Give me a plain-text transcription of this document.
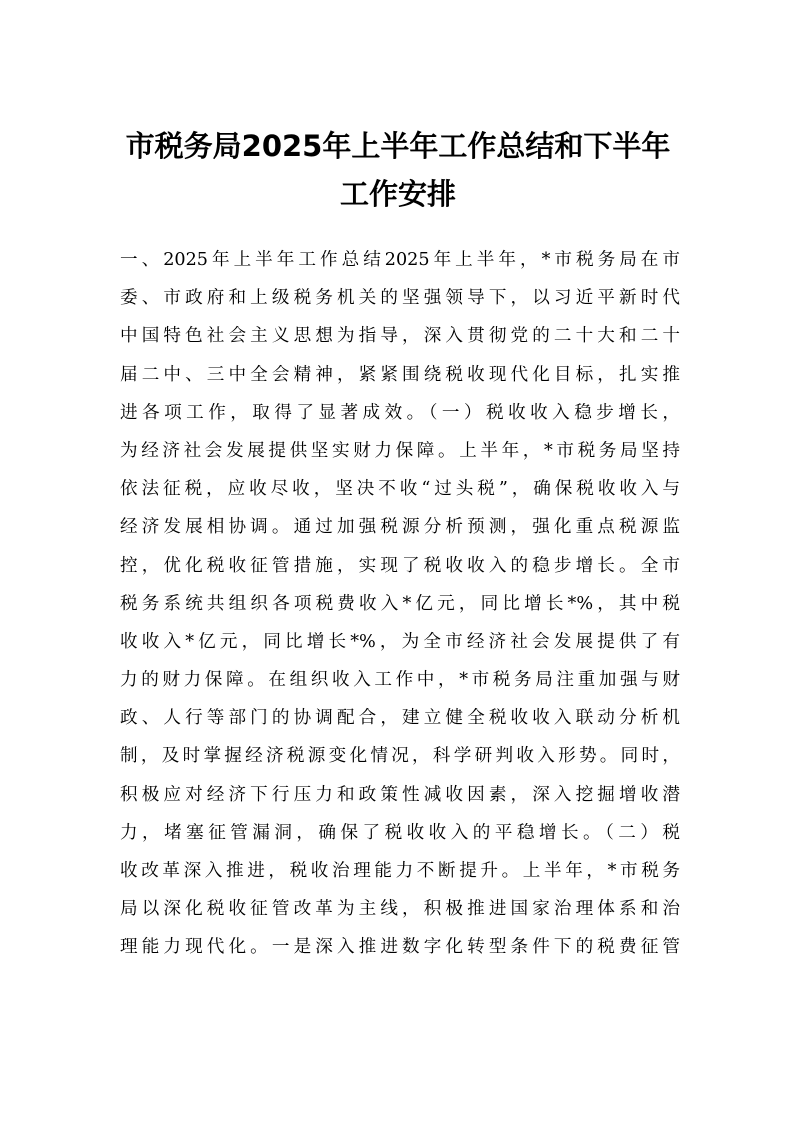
市税务局2025年上半年工作总结和下半年
工作安排
一、2025年上半年工作总结2025年上半年，*市税务局在市
委、市政府和上级税务机关的坚强领导下，以习近平新时代
中国特色社会主义思想为指导，深入贯彻党的二十大和二十
届二中、三中全会精神，紧紧围绕税收现代化目标，扎实推
进各项工作，取得了显著成效。（一）税收收入稳步增长，
为经济社会发展提供坚实财力保障。上半年，*市税务局坚持
依法征税，应收尽收，坚决不收“过头税”，确保税收收入与
经济发展相协调。通过加强税源分析预测，强化重点税源监
控，优化税收征管措施，实现了税收收入的稳步增长。全市
税务系统共组织各项税费收入*亿元，同比增长*%，其中税
收收入*亿元，同比增长*%，为全市经济社会发展提供了有
力的财力保障。在组织收入工作中，*市税务局注重加强与财
政、人行等部门的协调配合，建立健全税收收入联动分析机
制，及时掌握经济税源变化情况，科学研判收入形势。同时，
积极应对经济下行压力和政策性减收因素，深入挖掘增收潜
力，堵塞征管漏洞，确保了税收收入的平稳增长。（二）税
收改革深入推进，税收治理能力不断提升。上半年，*市税务
局以深化税收征管改革为主线，积极推进国家治理体系和治
理能力现代化。一是深入推进数字化转型条件下的税费征管
